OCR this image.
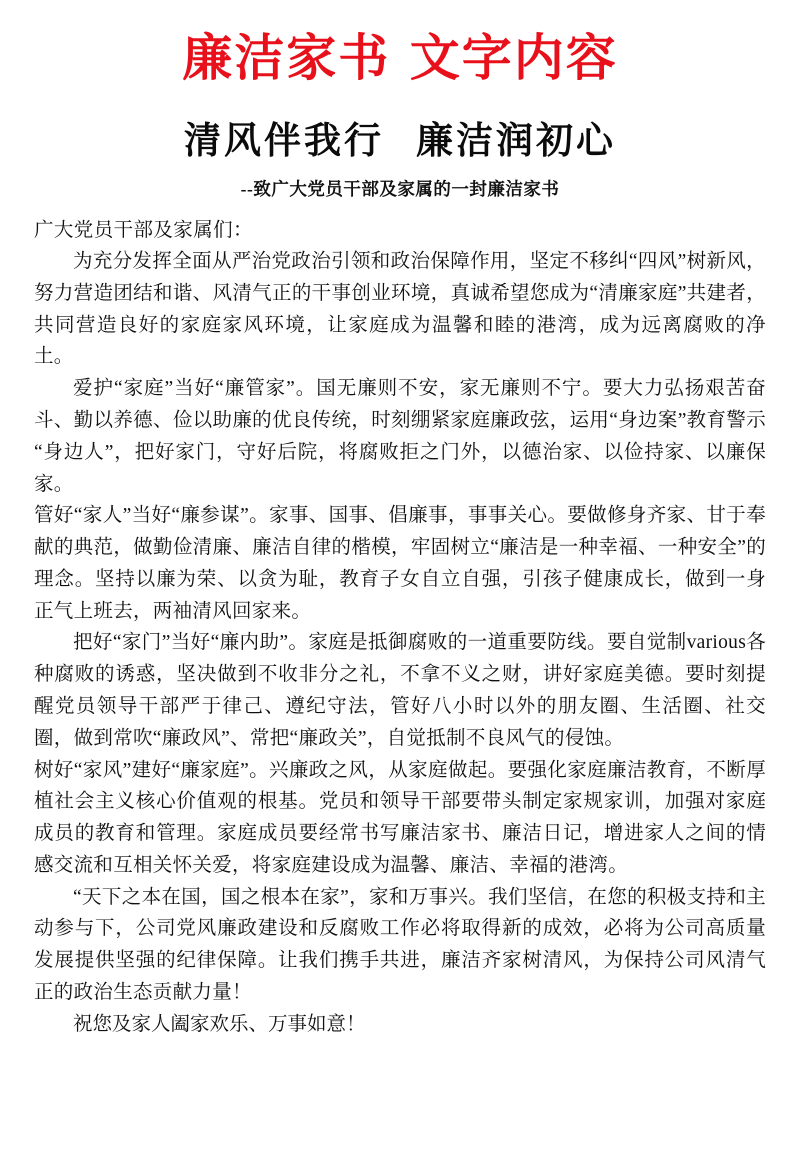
廉洁家书 文字内容
清风伴我行 廉洁润初心
--致广大党员干部及家属的一封廉洁家书
广大党员干部及家属们：

为充分发挥全面从严治党政治引领和政治保障作用，坚定不移纠“四风”树新风，努力营造团结和谐、风清气正的干事创业环境，真诚希望您成为“清廉家庭”共建者，共同营造良好的家庭家风环境，让家庭成为温馨和睦的港湾，成为远离腐败的净土。

爱护“家庭”当好“廉管家”。国无廉则不安，家无廉则不宁。要大力弘扬艰苦奋斗、勤以养德、俭以助廉的优良传统，时刻绷紧家庭廉政弦，运用“身边案”教育警示“身边人”，把好家门，守好后院，将腐败拒之门外，以德治家、以俭持家、以廉保家。

管好“家人”当好“廉参谋”。家事、国事、倡廉事，事事关心。要做修身齐家、甘于奉献的典范，做勤俭清廉、廉洁自律的楷模，牢固树立“廉洁是一种幸福、一种安全”的理念。坚持以廉为荣、以贪为耻，教育子女自立自强，引孩子健康成长，做到一身正气上班去，两袖清风回家来。

把好“家门”当好“廉内助”。家庭是抵御腐败的一道重要防线。要自觉制various各种腐败的诱惑，坚决做到不收非分之礼，不拿不义之财，讲好家庭美德。要时刻提醒党员领导干部严于律己、遵纪守法，管好八小时以外的朋友圈、生活圈、社交圈，做到常吹“廉政风”、常把“廉政关”，自觉抵制不良风气的侵蚀。

树好“家风”建好“廉家庭”。兴廉政之风，从家庭做起。要强化家庭廉洁教育，不断厚植社会主义核心价值观的根基。党员和领导干部要带头制定家规家训，加强对家庭成员的教育和管理。家庭成员要经常书写廉洁家书、廉洁日记，增进家人之间的情感交流和互相关怀关爱，将家庭建设成为温馨、廉洁、幸福的港湾。

“天下之本在国，国之根本在家”，家和万事兴。我们坚信，在您的积极支持和主动参与下，公司党风廉政建设和反腐败工作必将取得新的成效，必将为公司高质量发展提供坚强的纪律保障。让我们携手共进，廉洁齐家树清风，为保持公司风清气正的政治生态贡献力量！

祝您及家人阖家欢乐、万事如意！
